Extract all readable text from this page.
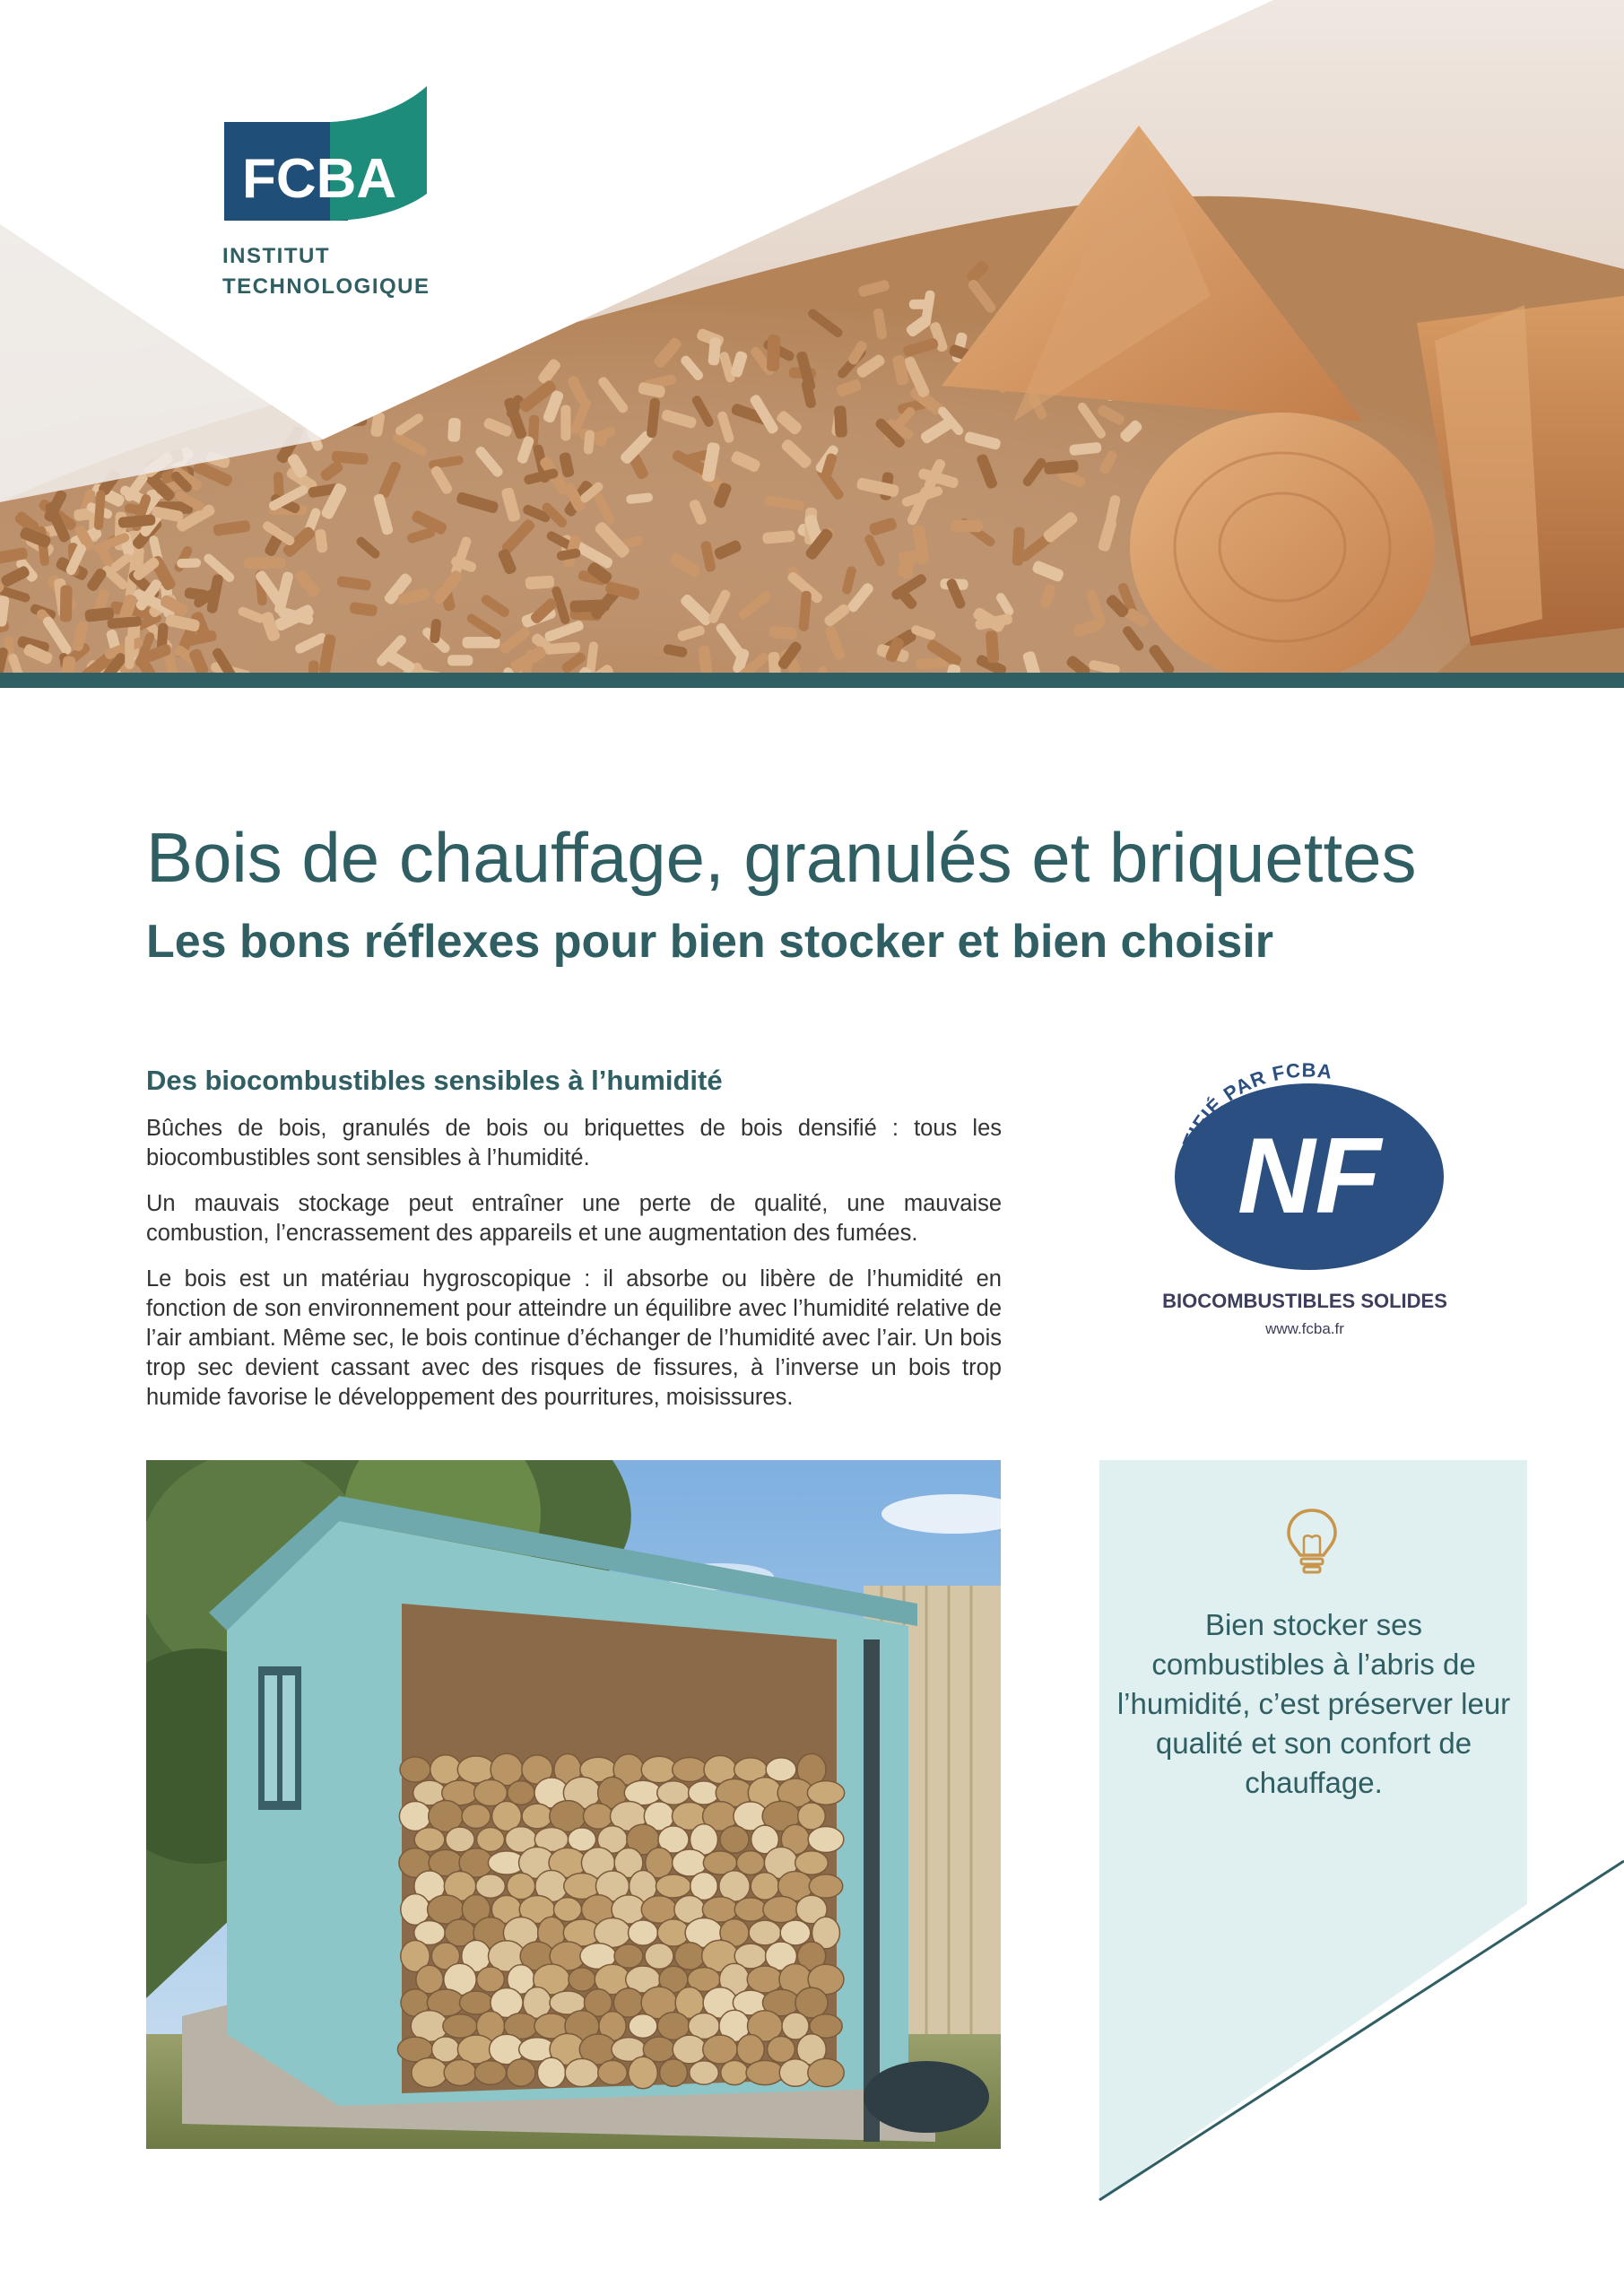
FCBA
INSTITUT
TECHNOLOGIQUE
Bois de chauffage, granulés et briquettes
Les bons réflexes pour bien stocker et bien choisir
Des biocombustibles sensibles à l’humidité

Bûches de bois, granulés de bois ou briquettes de bois densifié : tous les biocombustibles sont sensibles à l’humidité.

Un mauvais stockage peut entraîner une perte de qualité, une mauvaise combustion, l’encrassement des appareils et une augmentation des fumées.

Le bois est un matériau hygroscopique : il absorbe ou libère de l’humidité en fonction de son environnement pour atteindre un équilibre avec l’humidité relative de l’air ambiant. Même sec, le bois continue d’échanger de l’humidité avec l’air. Un bois trop sec devient cassant avec des risques de fissures, à l’inverse un bois trop humide favorise le développement des pourritures, moisissures.

CERTIFIÉ PAR FCBA
NF
BIOCOMBUSTIBLES SOLIDES
www.fcba.fr
Bien stocker ses combustibles à l’abris de l’humidité, c’est préserver leur qualité et son confort de chauffage.
